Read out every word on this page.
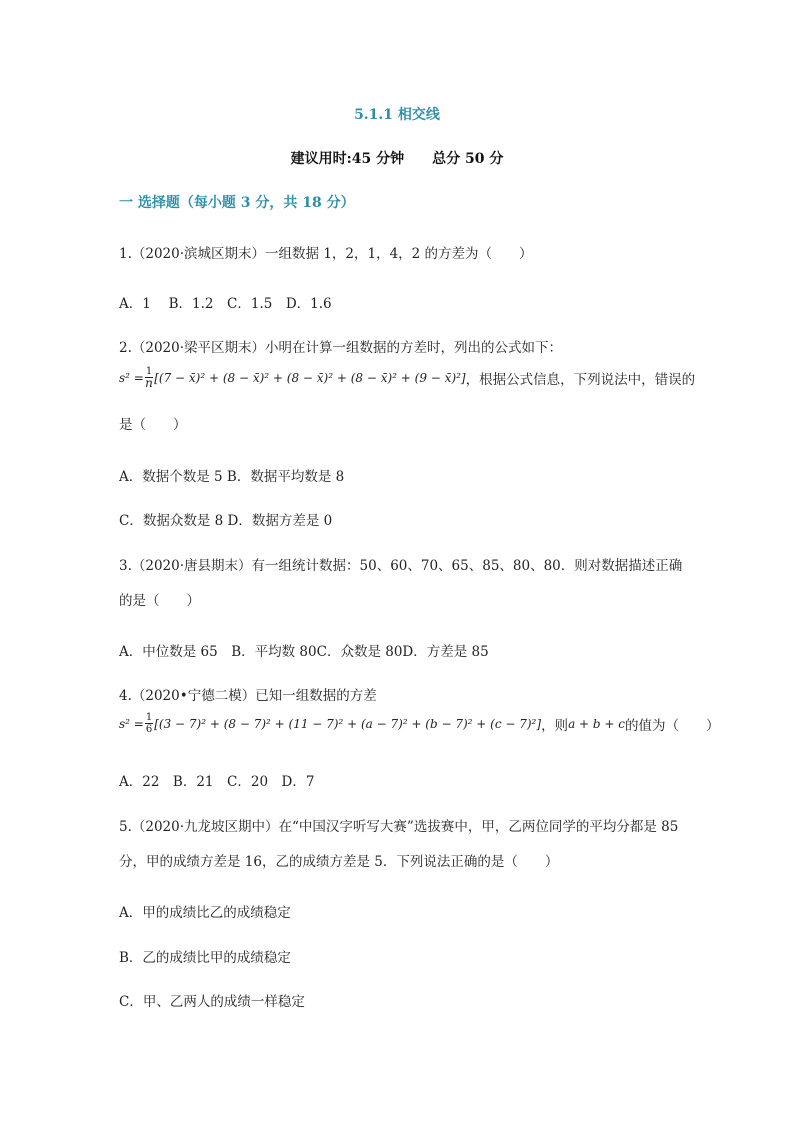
5.1.1 相交线
建议用时:45 分钟 总分 50 分
一 选择题（每小题 3 分，共 18 分）
1.（2020·滨城区期末）一组数据 1，2，1，4，2 的方差为（　　）
A．1　 B．1.2　C．1.5　D．1.6
2.（2020·梁平区期末）小明在计算一组数据的方差时，列出的公式如下：
$s^2 = \frac{1}{n} [(7$ − x̄)² + (8 − x̄)² + (8 − x̄)² + (8 − x̄)² + (9 − x̄)²] ，根据公式信息，下列说法中，错误的
是（　　）
A．数据个数是 5 B．数据平均数是 8
C．数据众数是 8 D．数据方差是 0
3.（2020·唐县期末）有一组统计数据：50、60、70、65、85、80、80．则对数据描述正确
的是（　　）
A．中位数是 65　B．平均数 80C．众数是 80D．方差是 85
4.（2020•宁德二模）已知一组数据的方差
$s^2 = \frac{1}{6} [(3 - 7)^2 + (8 - 7)^2 + (11 - 7)^2 + (a - 7)^2 + (b - 7)^2 + (c - 7)^2]$ ，则 a + b + c 的值为（　　）
A．22　B．21　C．20　D．7
5.（2020·九龙坡区期中）在“中国汉字听写大赛”选拔赛中，甲，乙两位同学的平均分都是 85
分，甲的成绩方差是 16，乙的成绩方差是 5．下列说法正确的是（　　）
A．甲的成绩比乙的成绩稳定
B．乙的成绩比甲的成绩稳定
C．甲、乙两人的成绩一样稳定
